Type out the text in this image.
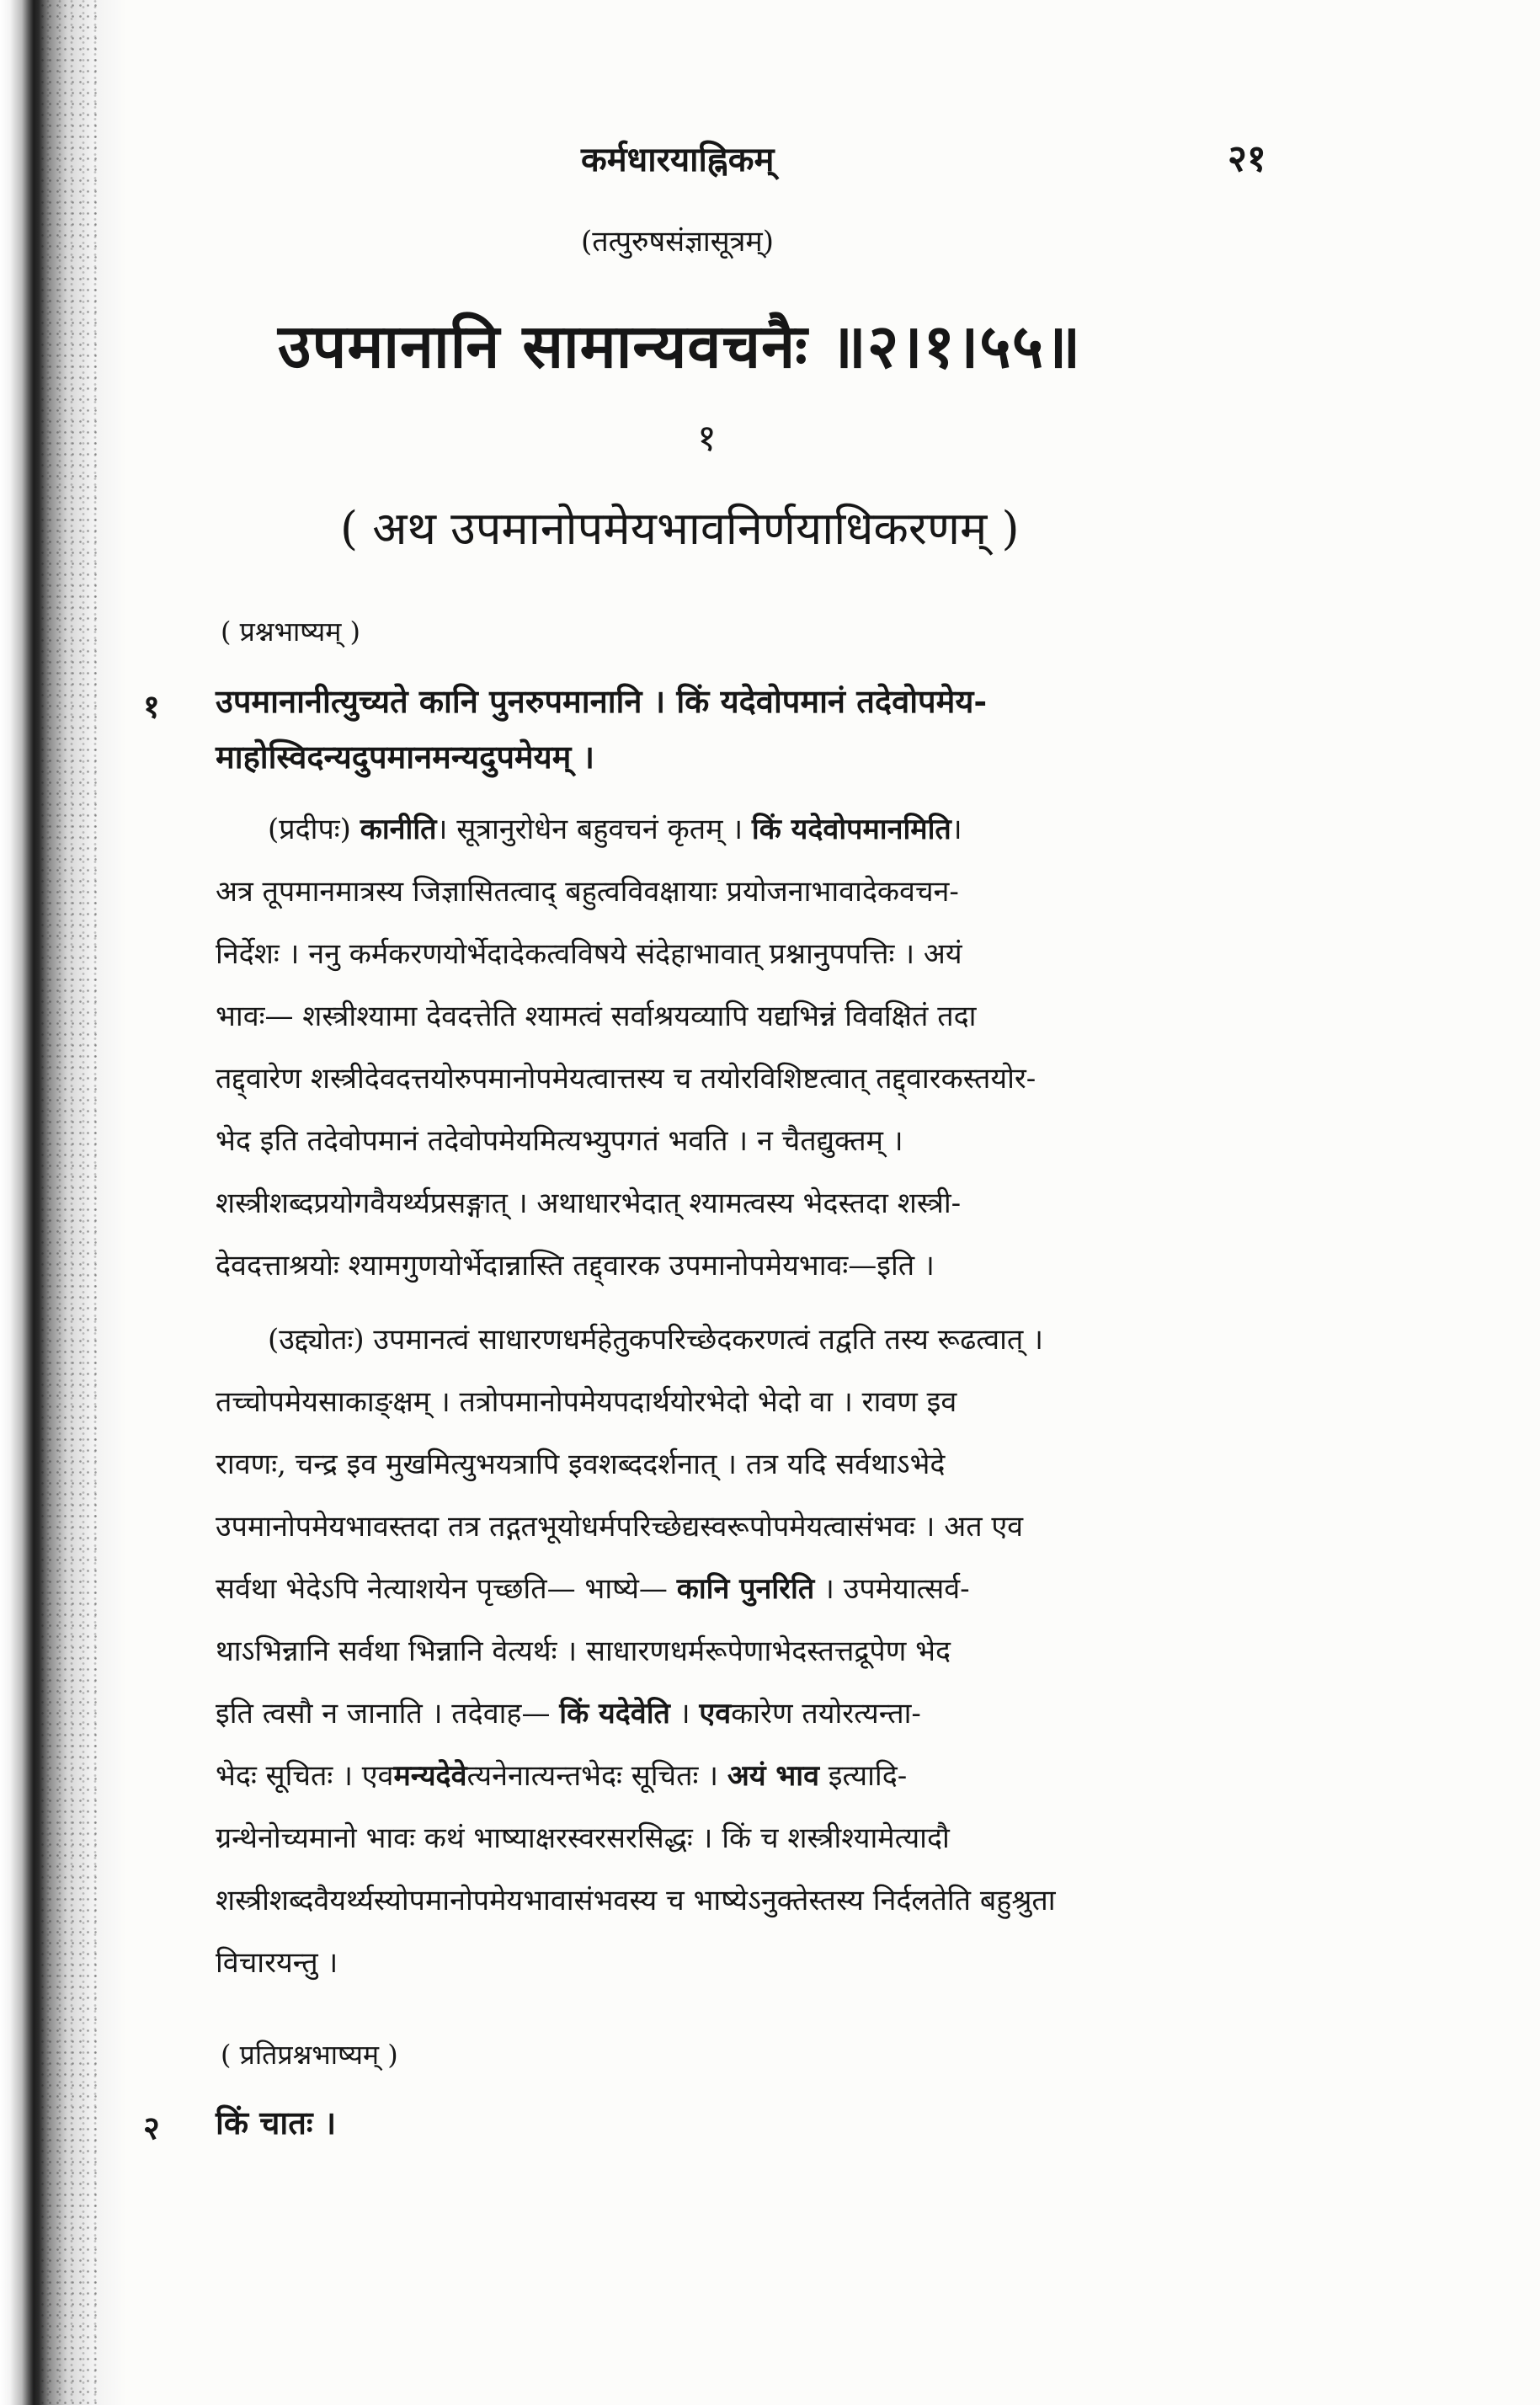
कर्मधारयाह्निकम्	२१
(तत्पुरुषसंज्ञासूत्रम्)
उपमानानि सामान्यवचनैः ॥२।१।५५॥
१
( अथ उपमानोपमेयभावनिर्णयाधिकरणम् )
( प्रश्नभाष्यम् )
१ उपमानानीत्युच्यते कानि पुनरुपमानानि । किं यदेवोपमानं तदेवोपमेय-
माहोस्विदन्यदुपमानमन्यदुपमेयम् ।
(प्रदीपः) कानीति। सूत्रानुरोधेन बहुवचनं कृतम् । किं यदेवोपमानमिति।
अत्र तूपमानमात्रस्य जिज्ञासितत्वाद् बहुत्वविवक्षायाः प्रयोजनाभावादेकवचन-
निर्देशः । ननु कर्मकरणयोर्भेदादेकत्वविषये संदेहाभावात् प्रश्नानुपपत्तिः । अयं
भावः— शस्त्रीश्यामा देवदत्तेति श्यामत्वं सर्वाश्रयव्यापि यद्यभिन्नं विवक्षितं तदा
तद्द्वारेण शस्त्रीदेवदत्तयोरुपमानोपमेयत्वात्तस्य च तयोरविशिष्टत्वात् तद्द्वारकस्तयोर-
भेद इति तदेवोपमानं तदेवोपमेयमित्यभ्युपगतं भवति । न चैतद्युक्तम् ।
शस्त्रीशब्दप्रयोगवैयर्थ्यप्रसङ्गात् । अथाधारभेदात् श्यामत्वस्य भेदस्तदा शस्त्री-
देवदत्ताश्रयोः श्यामगुणयोर्भेदान्नास्ति तद्द्वारक उपमानोपमेयभावः—इति ।
(उद्द्योतः) उपमानत्वं साधारणधर्महेतुकपरिच्छेदकरणत्वं तद्वति तस्य रूढत्वात् ।
तच्चोपमेयसाकाङ्क्षम् । तत्रोपमानोपमेयपदार्थयोरभेदो भेदो वा । रावण इव
रावणः, चन्द्र इव मुखमित्युभयत्रापि इवशब्ददर्शनात् । तत्र यदि सर्वथाऽभेदे
उपमानोपमेयभावस्तदा तत्र तद्गतभूयोधर्मपरिच्छेद्यस्वरूपोपमेयत्वासंभवः । अत एव
सर्वथा भेदेऽपि नेत्याशयेन पृच्छति— भाष्ये— कानि पुनरिति । उपमेयात्सर्व-
थाऽभिन्नानि सर्वथा भिन्नानि वेत्यर्थः । साधारणधर्मरूपेणाभेदस्तत्तद्रूपेण भेद
इति त्वसौ न जानाति । तदेवाह— किं यदेवेति । एवकारेण तयोरत्यन्ता-
भेदः सूचितः । एवमन्यदेवेत्यनेनात्यन्तभेदः सूचितः । अयं भाव इत्यादि-
ग्रन्थेनोच्यमानो भावः कथं भाष्याक्षरस्वरसरसिद्धः । किं च शस्त्रीश्यामेत्यादौ
शस्त्रीशब्दवैयर्थ्यस्योपमानोपमेयभावासंभवस्य च भाष्येऽनुक्तेस्तस्य निर्दलतेति बहुश्रुता
विचारयन्तु ।
( प्रतिप्रश्नभाष्यम् )
२ किं चातः ।
